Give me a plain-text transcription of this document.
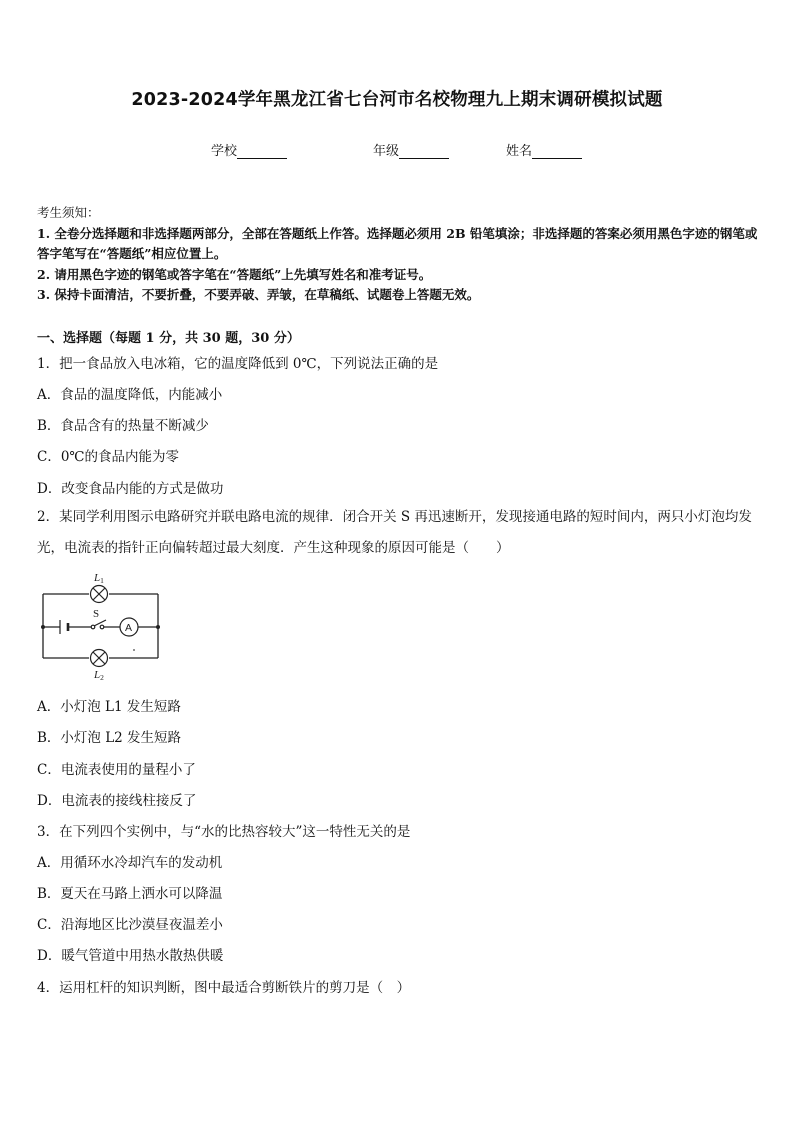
2023-2024学年黑龙江省七台河市名校物理九上期末调研模拟试题
学校	年级	姓名
考生须知：
1. 全卷分选择题和非选择题两部分，全部在答题纸上作答。选择题必须用 2B 铅笔填涂；非选择题的答案必须用黑色字迹的钢笔或答字笔写在“答题纸”相应位置上。
2. 请用黑色字迹的钢笔或答字笔在“答题纸”上先填写姓名和准考证号。
3. 保持卡面清洁，不要折叠，不要弄破、弄皱，在草稿纸、试题卷上答题无效。
一、选择题（每题 1 分，共 30 题，30 分）
1．把一食品放入电冰箱，它的温度降低到 0℃，下列说法正确的是
A．食品的温度降低，内能减小
B．食品含有的热量不断减少
C．0℃的食品内能为零
D．改变食品内能的方式是做功
2．某同学利用图示电路研究并联电路电流的规律．闭合开关 S 再迅速断开，发现接通电路的短时间内，两只小灯泡均发光，电流表的指针正向偏转超过最大刻度．产生这种现象的原因可能是（　　）
S
A
L1
L2
A．小灯泡 L1 发生短路
B．小灯泡 L2 发生短路
C．电流表使用的量程小了
D．电流表的接线柱接反了
3．在下列四个实例中，与“水的比热容较大”这一特性无关的是
A．用循环水冷却汽车的发动机
B．夏天在马路上洒水可以降温
C．沿海地区比沙漠昼夜温差小
D．暖气管道中用热水散热供暖
4．运用杠杆的知识判断，图中最适合剪断铁片的剪刀是（　）
